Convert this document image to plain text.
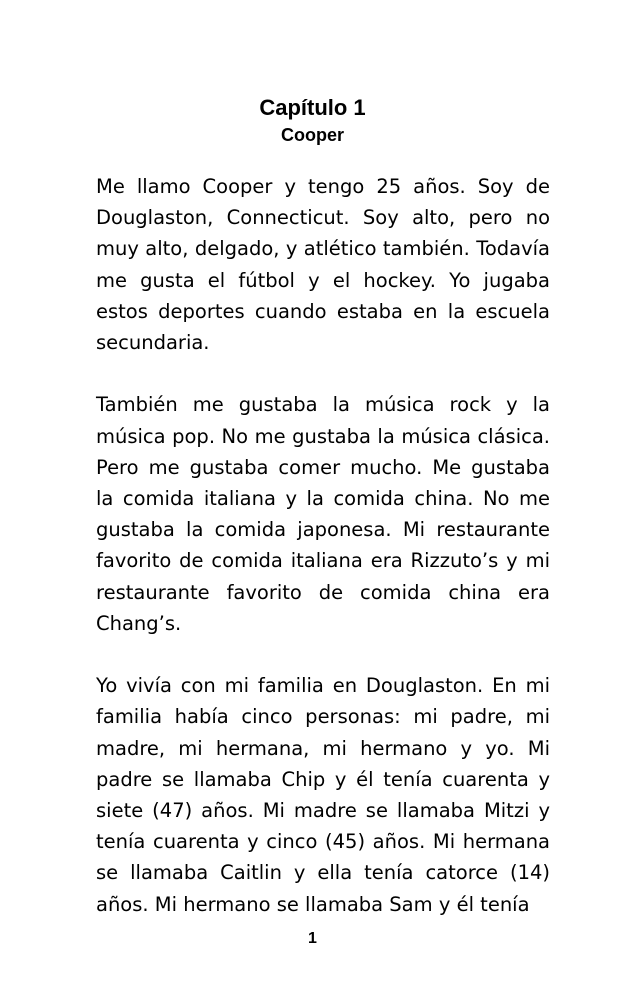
Capítulo 1
Cooper

Me llamo Cooper y tengo 25 años. Soy de Douglaston, Connecticut. Soy alto, pero no muy alto, delgado, y atlético también. Todavía me gusta el fútbol y el hockey. Yo jugaba estos deportes cuando estaba en la escuela secundaria.

También me gustaba la música rock y la música pop. No me gustaba la música clásica. Pero me gustaba comer mucho. Me gustaba la comida italiana y la comida china. No me gustaba la comida japonesa. Mi restaurante favorito de comida italiana era Rizzuto’s y mi restaurante favorito de comida china era Chang’s.

Yo vivía con mi familia en Douglaston. En mi familia había cinco personas: mi padre, mi madre, mi hermana, mi hermano y yo. Mi padre se llamaba Chip y él tenía cuarenta y siete (47) años. Mi madre se llamaba Mitzi y tenía cuarenta y cinco (45) años. Mi hermana se llamaba Caitlin y ella tenía catorce (14) años. Mi hermano se llamaba Sam y él tenía

1
